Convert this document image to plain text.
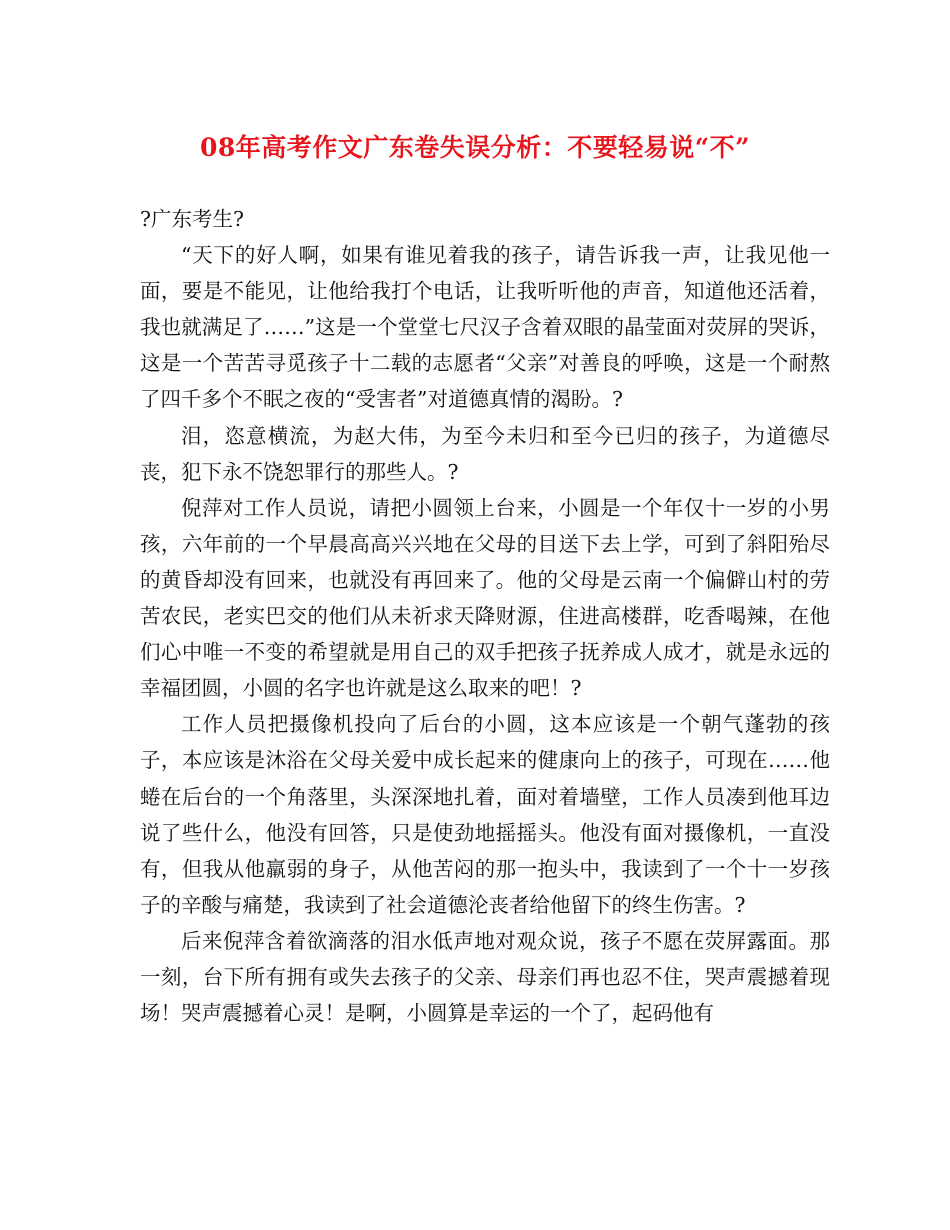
08年高考作文广东卷失误分析：不要轻易说“不”

?广东考生?

“天下的好人啊，如果有谁见着我的孩子，请告诉我一声，让我见他一面，要是不能见，让他给我打个电话，让我听听他的声音，知道他还活着，我也就满足了……”这是一个堂堂七尺汉子含着双眼的晶莹面对荧屏的哭诉，这是一个苦苦寻觅孩子十二载的志愿者“父亲”对善良的呼唤，这是一个耐熬了四千多个不眠之夜的“受害者”对道德真情的渴盼。?

泪，恣意横流，为赵大伟，为至今未归和至今已归的孩子，为道德尽丧，犯下永不饶恕罪行的那些人。?

倪萍对工作人员说，请把小圆领上台来，小圆是一个年仅十一岁的小男孩，六年前的一个早晨高高兴兴地在父母的目送下去上学，可到了斜阳殆尽的黄昏却没有回来，也就没有再回来了。他的父母是云南一个偏僻山村的劳苦农民，老实巴交的他们从未祈求天降财源，住进高楼群，吃香喝辣，在他们心中唯一不变的希望就是用自己的双手把孩子抚养成人成才，就是永远的幸福团圆，小圆的名字也许就是这么取来的吧！?

工作人员把摄像机投向了后台的小圆，这本应该是一个朝气蓬勃的孩子，本应该是沐浴在父母关爱中成长起来的健康向上的孩子，可现在……他蜷在后台的一个角落里，头深深地扎着，面对着墙壁，工作人员凑到他耳边说了些什么，他没有回答，只是使劲地摇摇头。他没有面对摄像机，一直没有，但我从他羸弱的身子，从他苦闷的那一抱头中，我读到了一个十一岁孩子的辛酸与痛楚，我读到了社会道德沦丧者给他留下的终生伤害。?

后来倪萍含着欲滴落的泪水低声地对观众说，孩子不愿在荧屏露面。那一刻，台下所有拥有或失去孩子的父亲、母亲们再也忍不住，哭声震撼着现场！哭声震撼着心灵！是啊，小圆算是幸运的一个了，起码他有
